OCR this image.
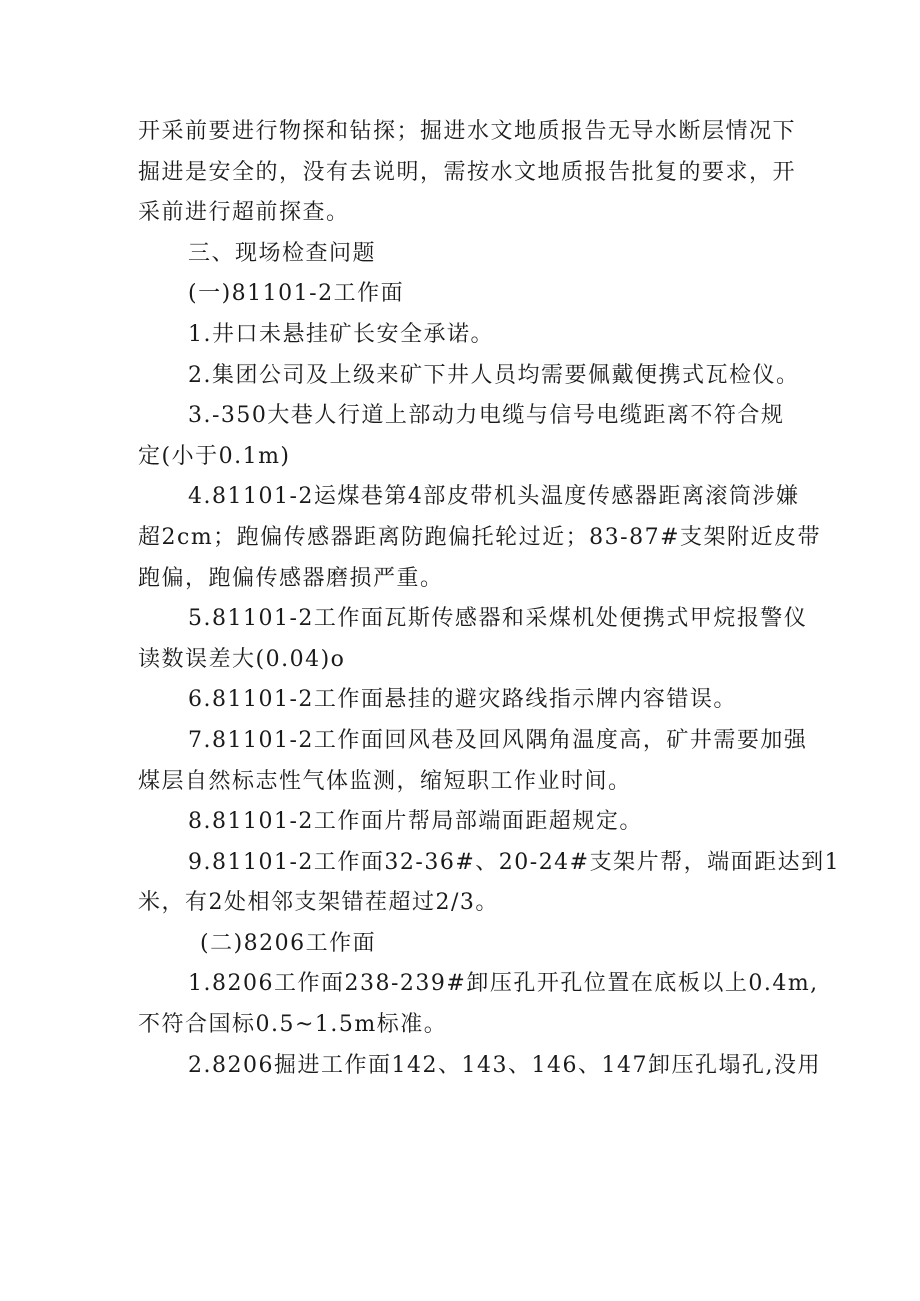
开采前要进行物探和钻探；掘进水文地质报告无导水断层情况下
掘进是安全的，没有去说明，需按水文地质报告批复的要求，开
采前进行超前探查。
三、现场检查问题
(一)81101-2工作面
1.井口未悬挂矿长安全承诺。
2.集团公司及上级来矿下井人员均需要佩戴便携式瓦检仪。
3.-350大巷人行道上部动力电缆与信号电缆距离不符合规
定(小于0.1m)
4.81101-2运煤巷第4部皮带机头温度传感器距离滚筒涉嫌
超2cm；跑偏传感器距离防跑偏托轮过近；83-87#支架附近皮带
跑偏，跑偏传感器磨损严重。
5.81101-2工作面瓦斯传感器和采煤机处便携式甲烷报警仪
读数误差大(0.04)o
6.81101-2工作面悬挂的避灾路线指示牌内容错误。
7.81101-2工作面回风巷及回风隅角温度高，矿井需要加强
煤层自然标志性气体监测，缩短职工作业时间。
8.81101-2工作面片帮局部端面距超规定。
9.81101-2工作面32-36#、20-24#支架片帮，端面距达到1
米，有2处相邻支架错茬超过2/3。
(二)8206工作面
1.8206工作面238-239#卸压孔开孔位置在底板以上0.4m,
不符合国标0.5~1.5m标准。
2.8206掘进工作面142、143、146、147卸压孔塌孔,没用
